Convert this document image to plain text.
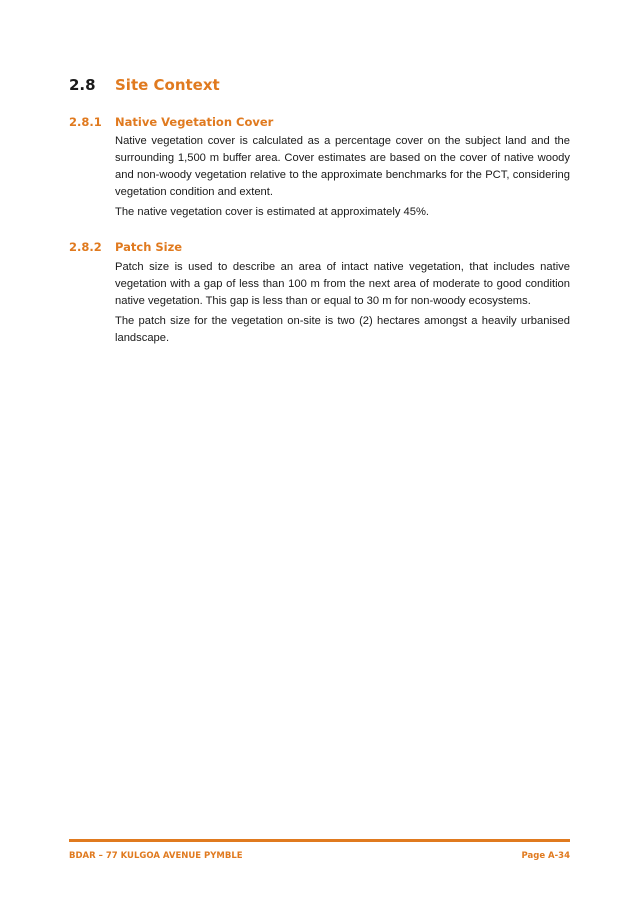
2.8	Site Context
2.8.1	Native Vegetation Cover

Native vegetation cover is calculated as a percentage cover on the subject land and the surrounding 1,500 m buffer area. Cover estimates are based on the cover of native woody and non-woody vegetation relative to the approximate benchmarks for the PCT, considering vegetation condition and extent.

The native vegetation cover is estimated at approximately 45%.

2.8.2	Patch Size

Patch size is used to describe an area of intact native vegetation, that includes native vegetation with a gap of less than 100 m from the next area of moderate to good condition native vegetation. This gap is less than or equal to 30 m for non-woody ecosystems.

The patch size for the vegetation on-site is two (2) hectares amongst a heavily urbanised landscape.

BDAR – 77 KULGOA AVENUE PYMBLE	Page A-34
